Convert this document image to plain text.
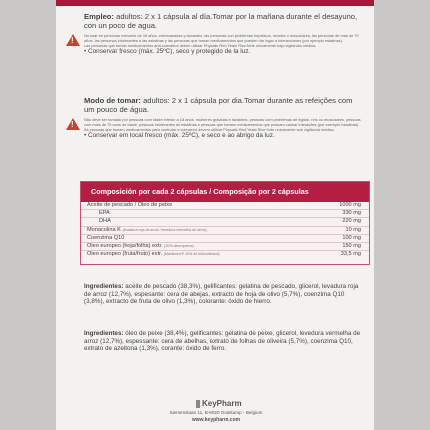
Empleo: adultos: 2 x 1 cápsula al día.Tomar por la mañana durante el desayuno, con un poco de agua.
!
No usar en personas menores de 18 años, embarazadas y lactantes, las personas con problemas hepáticos, renales o musculares, las personas de más de 70 años, las personas intolerantes a las estatinas y las personas que toman medicamentos que pueden dar lugar a interacciones (por ejemplo estatinas).
Las personas que toman medicamentos anti-colesterol deben utilizar Physalis Red Yeast Rice forte únicamente bajo vigilancia médica.
• Conservar fresco (máx. 25ºC), seco y protegido de la luz.
Modo de tomar: adultos: 2 x 1 cápsula por dia.Tomar durante as refeições com um pouco de água.
!
Não deve ser tomado por pessoas com idade inferior a 18 anos, mulheres grávidas e lactantes, pessoas com problemas de fígado, rins ou musculares, pessoas com mais de 70 anos de idade, pessoas intolerantes às estatinas e pessoas que tomam medicamentos que possam causar interações (por exemplo estatinas).
As pessoas que tomam medicamentos para controlar o colesterol devem utilizar Physalis Red Yeast Rice forte unicamente sob vigilância médica.
• Conservar em local fresco (máx. 25ºC), e seco e ao abrigo da luz.
Composición por cada 2 cápsulas / Composição por 2 cápsulas
Aceite de pescado / Óleo de peixe	1000 mg
EPA	330 mg
DHA	220 mg
Monacolina K (levadura roja de arroz / levedura vermelha de arroz)	10 mg
Coenzima Q10	100 mg
Oleo europeo (hoja/folha) extr. (20% oleuropeína)	150 mg
Oleo europeo (fruta/fruto) extr. (Maslinone® 15% de hidroxitirosol)	33,5 mg
Ingredientes: aceite de pescado (38,3%), gelificantes: gelatina de pescado, glicerol, levadura roja de arroz (12,7%), espesante: cera de abejas, extracto de hoja de olivo (5,7%), coenzima Q10 (3,8%), extracto de fruta de olivo (1,3%), colorante: óxido de hierro.
Ingredientes: óleo de peixe (38,4%), gelificantes: gelatina de peixe, glicerol, levedura vermelha de arroz (12,7%), espessante: cera de abelhas, extrato de folhas de oliveira (5,7%), coenzima Q10, extrato de azeitona (1,3%), corante: óxido de ferro.
KeyPharm
Siemenslaan 11, B-8020 Oostkamp - Belgium
www.keypharm.com
